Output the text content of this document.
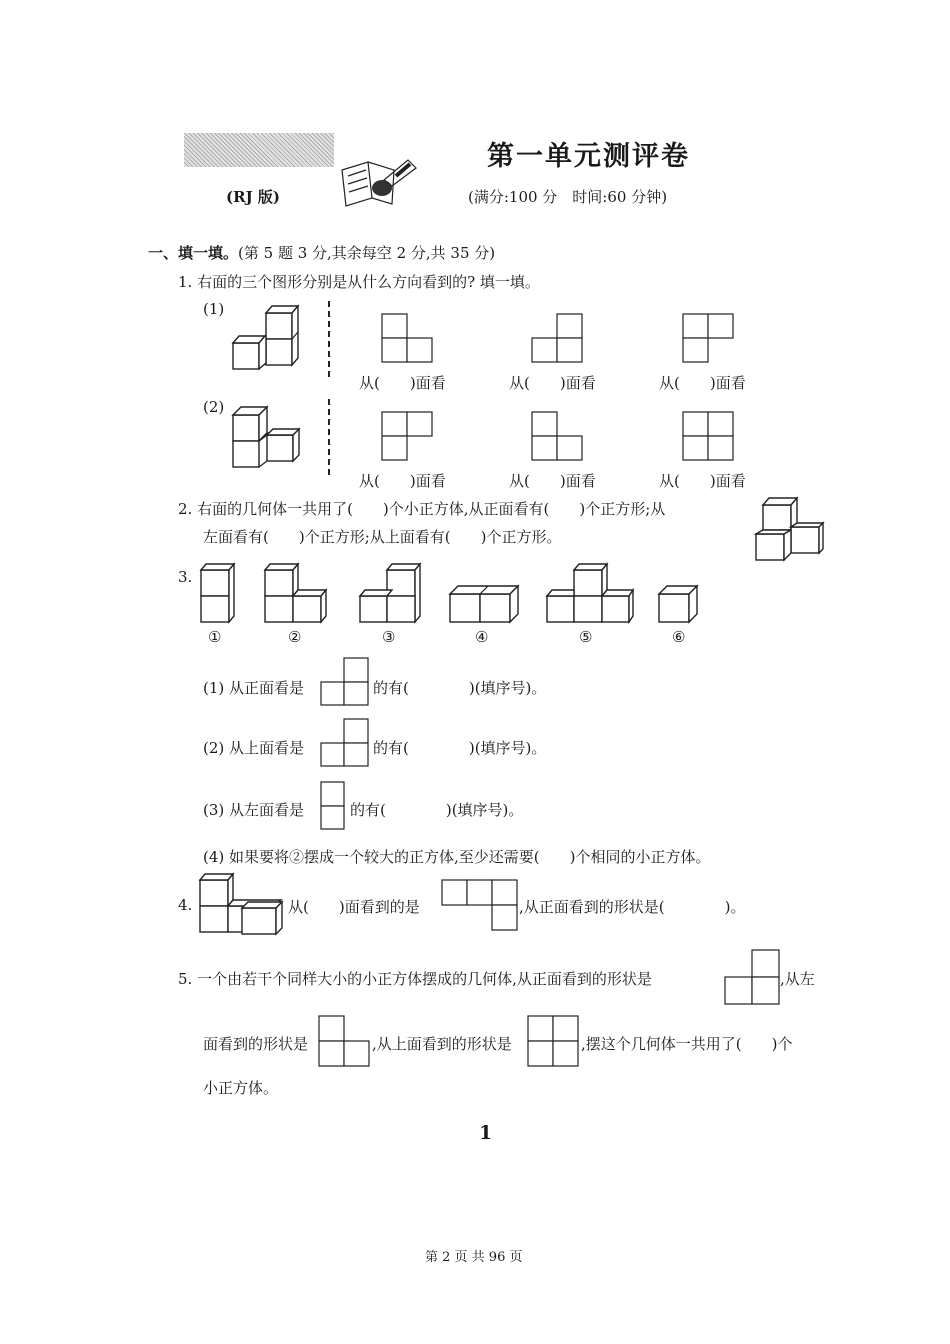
(RJ 版)
第一单元测评卷
(满分:100 分　时间:60 分钟)
一、填一填。(第 5 题 3 分,其余每空 2 分,共 35 分)
1. 右面的三个图形分别是从什么方向看到的? 填一填。
(1)
从(　　)面看	从(　　)面看	从(　　)面看
(2)
从(　　)面看	从(　　)面看	从(　　)面看
2. 右面的几何体一共用了(　　)个小正方体,从正面看有(　　)个正方形;从
左面看有(　　)个正方形;从上面看有(　　)个正方形。
3.
①	②	③	④	⑤	⑥
(1) 从正面看是	的有(　　　　)(填序号)。
(2) 从上面看是	的有(　　　　)(填序号)。
(3) 从左面看是	的有(　　　　)(填序号)。
(4) 如果要将②摆成一个较大的正方体,至少还需要(　　)个相同的小正方体。
4.	从(　　)面看到的是	,从正面看到的形状是(　　　　)。
5. 一个由若干个同样大小的小正方体摆成的几何体,从正面看到的形状是	,从左
面看到的形状是	,从上面看到的形状是	,摆这个几何体一共用了(　　)个
小正方体。
1
第 2 页 共 96 页
